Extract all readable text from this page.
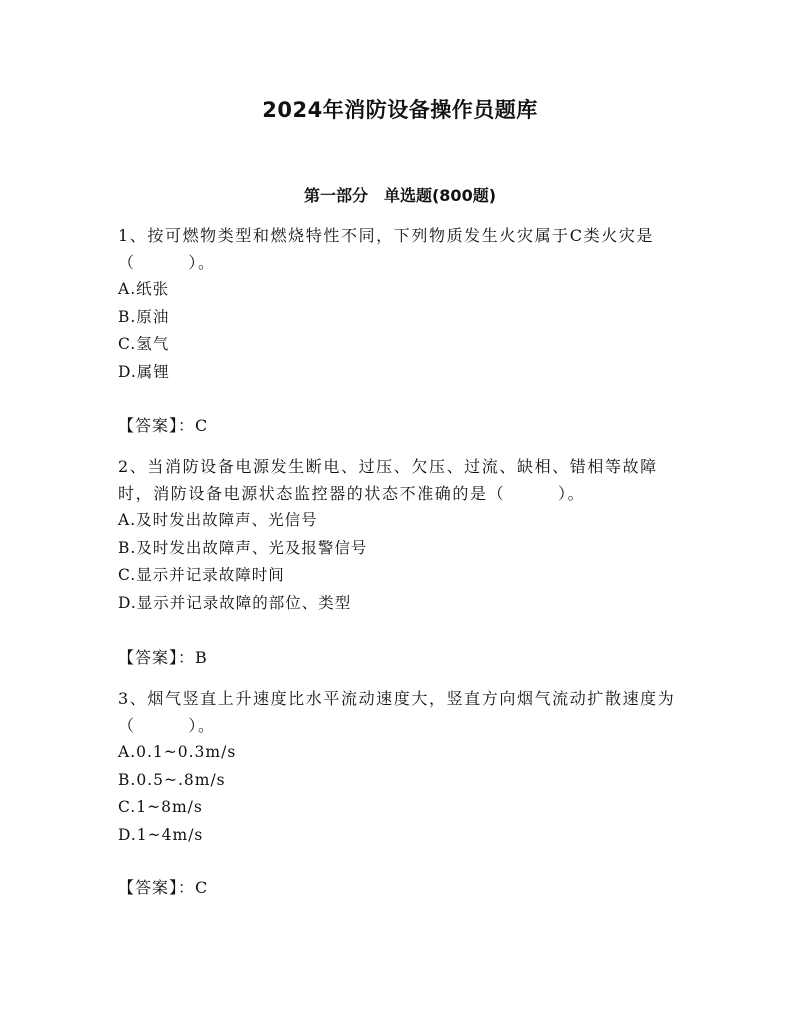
2024年消防设备操作员题库
第一部分　单选题(800题)

1、按可燃物类型和燃烧特性不同，下列物质发生火灾属于C类火灾是（　　　）。

A.纸张

B.原油

C.氢气

D.属锂

【答案】：C

2、当消防设备电源发生断电、过压、欠压、过流、缺相、错相等故障时，消防设备电源状态监控器的状态不准确的是（　　　）。

A.及时发出故障声、光信号

B.及时发出故障声、光及报警信号

C.显示并记录故障时间

D.显示并记录故障的部位、类型

【答案】：B

3、烟气竖直上升速度比水平流动速度大，竖直方向烟气流动扩散速度为（　　　）。

A.0.1~0.3m/s

B.0.5~.8m/s

C.1~8m/s

D.1~4m/s

【答案】：C
